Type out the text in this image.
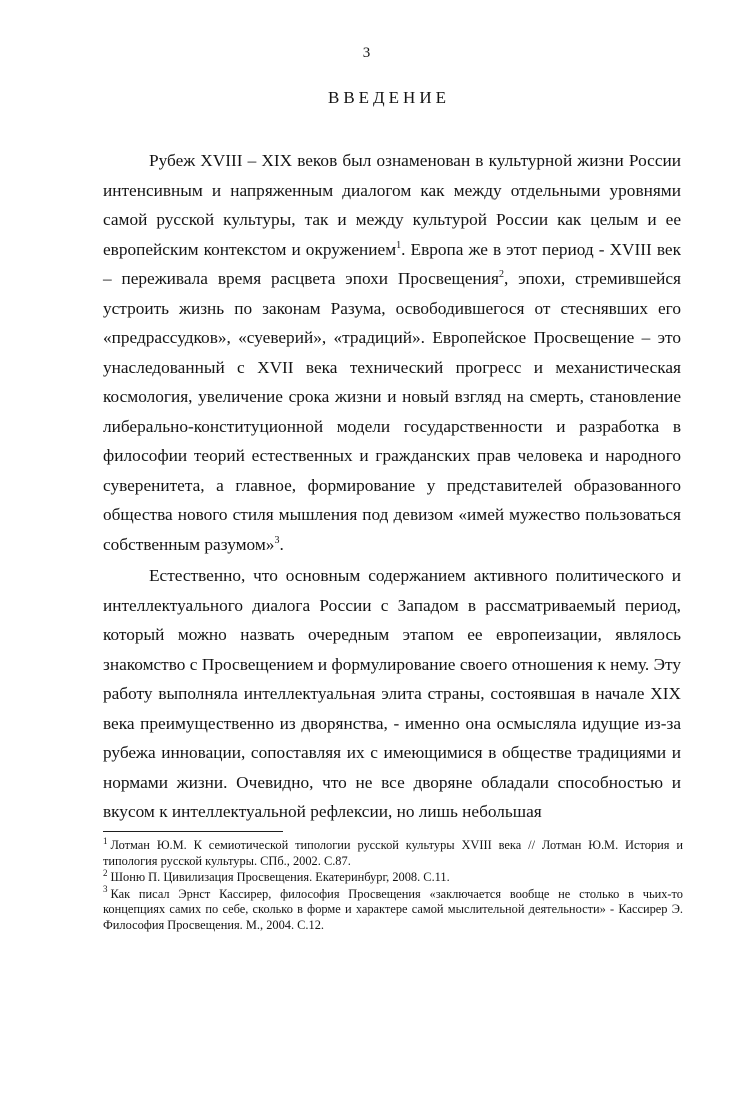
3
ВВЕДЕНИЕ

Рубеж XVIII – XIX веков был ознаменован в культурной жизни России интенсивным и напряженным диалогом как между отдельными уровнями самой русской культуры, так и между культурой России как целым и ее европейским контекстом и окружением$^1$. Европа же в этот период - XVIII век – переживала время расцвета эпохи Просвещения$^2$, эпохи, стремившейся устроить жизнь по законам Разума, освободившегося от стеснявших его «предрассудков», «суеверий», «традиций». Европейское Просвещение – это унаследованный с XVII века технический прогресс и механистическая космология, увеличение срока жизни и новый взгляд на смерть, становление либерально-конституционной модели государственности и разработка в философии теорий естественных и гражданских прав человека и народного суверенитета, а главное, формирование у представителей образованного общества нового стиля мышления под девизом «имей мужество пользоваться собственным разумом»$^3$.

Естественно, что основным содержанием активного политического и интеллектуального диалога России с Западом в рассматриваемый период, который можно назвать очередным этапом ее европеизации, являлось знакомство с Просвещением и формулирование своего отношения к нему. Эту работу выполняла интеллектуальная элита страны, состоявшая в начале XIX века преимущественно из дворянства, - именно она осмысляла идущие из-за рубежа инновации, сопоставляя их с имеющимися в обществе традициями и нормами жизни. Очевидно, что не все дворяне обладали способностью и вкусом к интеллектуальной рефлексии, но лишь небольшая

$^1$ Лотман Ю.М. К семиотической типологии русской культуры XVIII века // Лотман Ю.М. История и типология русской культуры. СПб., 2002. С.87.

$^2$ Шоню П. Цивилизация Просвещения. Екатеринбург, 2008. С.11.

$^3$ Как писал Эрнст Кассирер, философия Просвещения «заключается вообще не столько в чьих-то концепциях самих по себе, сколько в форме и характере самой мыслительной деятельности» - Кассирер Э. Философия Просвещения. М., 2004. С.12.
